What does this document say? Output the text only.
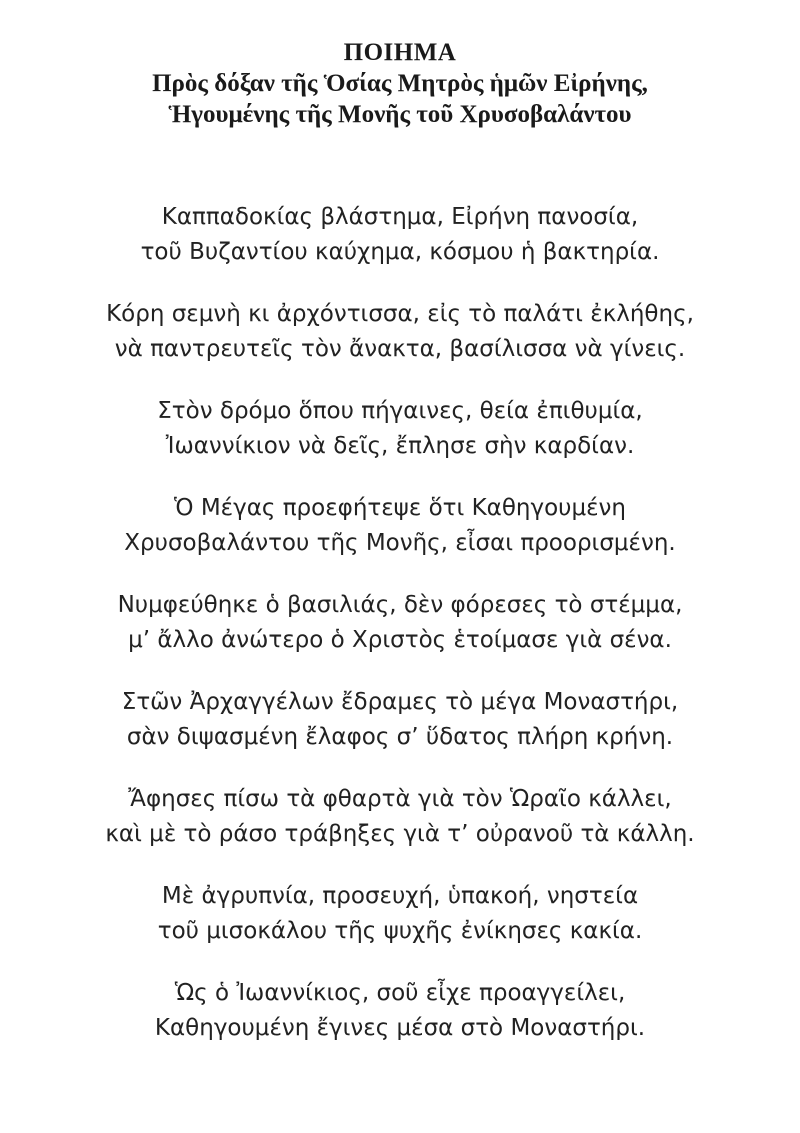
ΠΟΙΗΜΑ
Πρὸς δόξαν τῆς Ὁσίας Μητρὸς ἡμῶν Εἰρήνης,
Ἡγουμένης τῆς Μονῆς τοῦ Χρυσοβαλάντου
Καππαδοκίας βλάστημα, Εἰρήνη πανοσία,
τοῦ Βυζαντίου καύχημα, κόσμου ἡ βακτηρία.
Κόρη σεμνὴ κι ἀρχόντισσα, εἰς τὸ παλάτι ἐκλήθης,
νὰ παντρευτεῖς τὸν ἄνακτα, βασίλισσα νὰ γίνεις.
Στὸν δρόμο ὅπου πήγαινες, θεία ἐπιθυμία,
Ἰωαννίκιον νὰ δεῖς, ἔπλησε σὴν καρδίαν.
Ὁ Μέγας προεφήτεψε ὅτι Καθηγουμένη
Χρυσοβαλάντου τῆς Μονῆς, εἶσαι προορισμένη.
Νυμφεύθηκε ὁ βασιλιάς, δὲν φόρεσες τὸ στέμμα,
μ’ ἄλλο ἀνώτερο ὁ Χριστὸς ἑτοίμασε γιὰ σένα.
Στῶν Ἀρχαγγέλων ἔδραμες τὸ μέγα Μοναστήρι,
σὰν διψασμένη ἔλαφος σ’ ὕδατος πλήρη κρήνη.
Ἄφησες πίσω τὰ φθαρτὰ γιὰ τὸν Ὡραῖο κάλλει,
καὶ μὲ τὸ ράσο τράβηξες γιὰ τ’ οὐρανοῦ τὰ κάλλη.
Μὲ ἀγρυπνία, προσευχή, ὑπακοή, νηστεία
τοῦ μισοκάλου τῆς ψυχῆς ἐνίκησες κακία.
Ὡς ὁ Ἰωαννίκιος, σοῦ εἶχε προαγγείλει,
Καθηγουμένη ἔγινες μέσα στὸ Μοναστήρι.
